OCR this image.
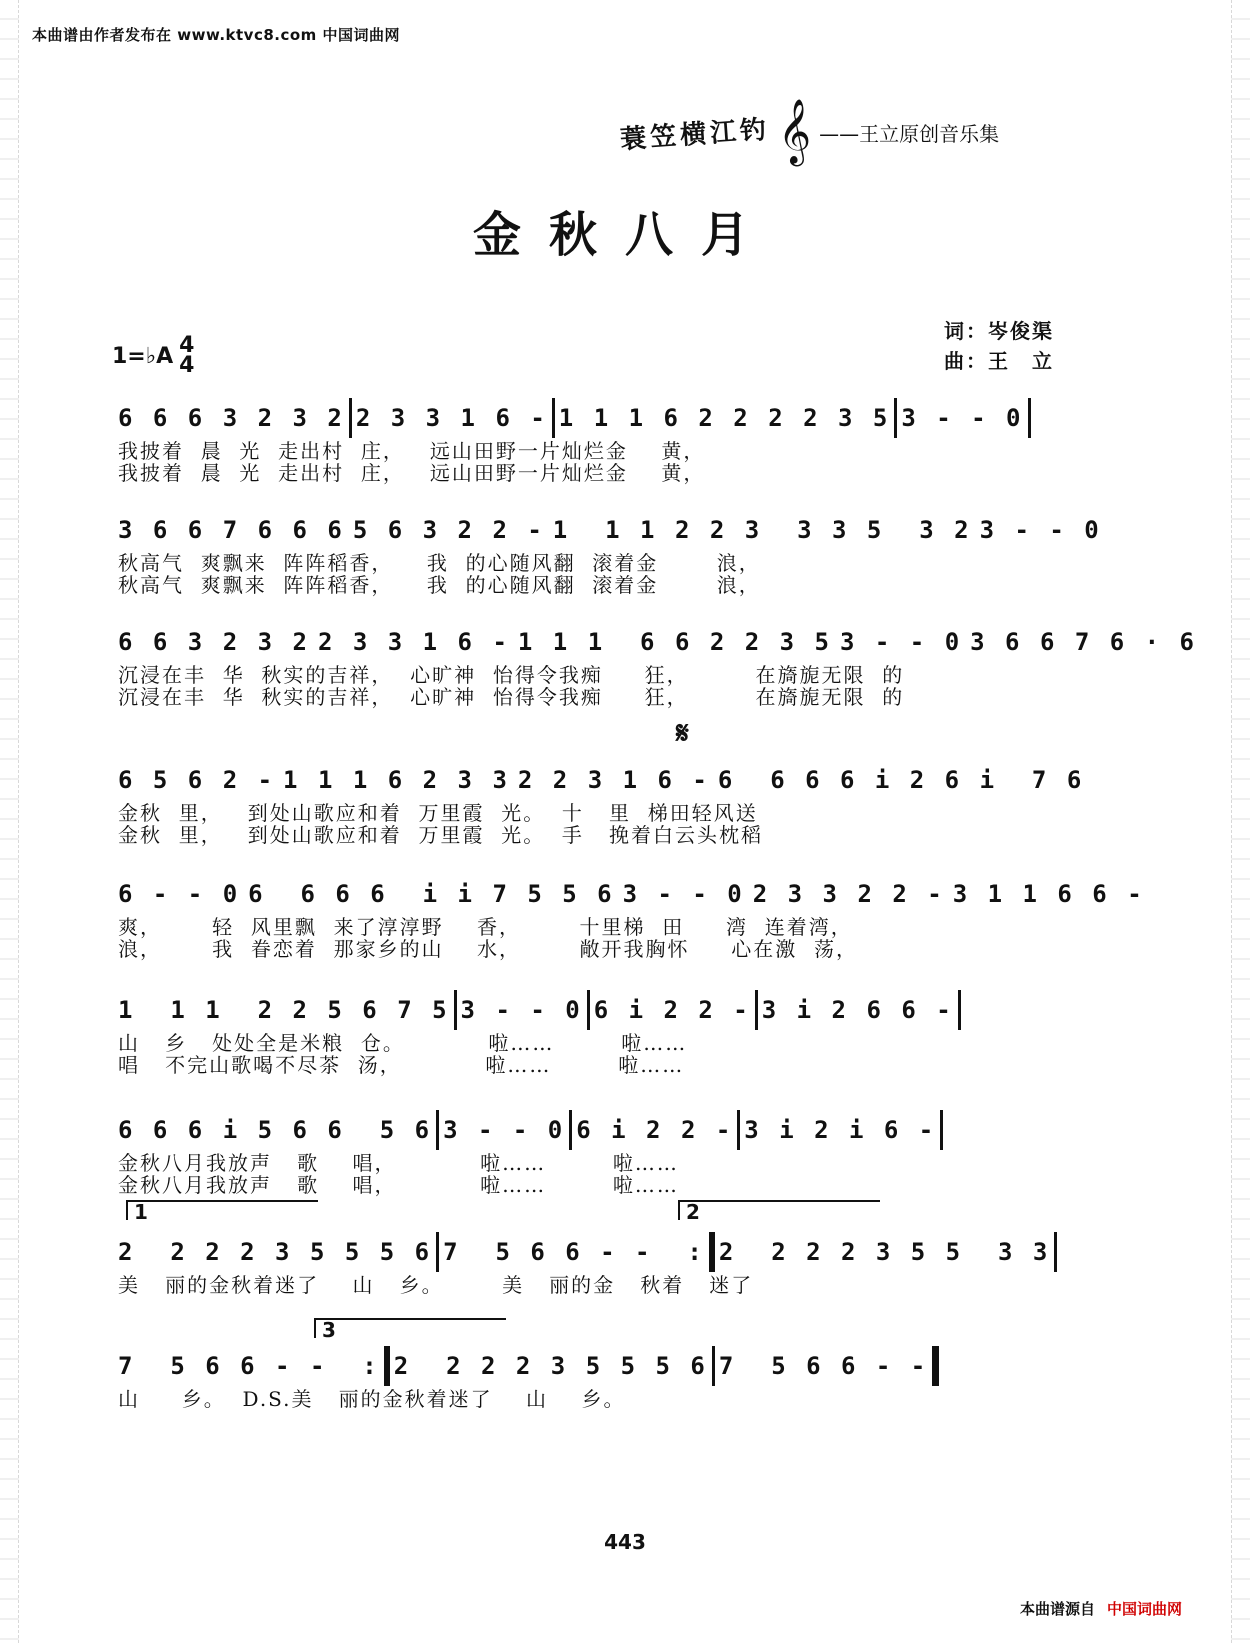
本曲谱由作者发布在 www.ktvc8.com 中国词曲网
蓑笠横江钓 𝄞 ——王立原创音乐集
金秋八月
词：岑俊渠
曲：王　立
1=♭A 4
4
6 6 6 3 2 3 2 2 3 3 1 6 - 1 1 1 6 2 2 2 2 3 5 3 - - 0
我披着  晨  光  走出村  庄，   远山田野一片灿烂金    黄，
我披着  晨  光  走出村  庄，   远山田野一片灿烂金    黄，
3 6 6 7 6 6 6 5 6 3 2 2 - 1  1 1 2 2 3  3 3 5  3 2 3 - - 0
秋高气  爽飘来  阵阵稻香，    我  的心随风翻  滚着金       浪，
秋高气  爽飘来  阵阵稻香，    我  的心随风翻  滚着金       浪，
6 6 3 2 3 2 2 3 3 1 6 - 1 1 1  6 6 2 2 3 5 3 - - 0 3 6 6 7 6 · 6
沉浸在丰  华  秋实的吉祥，  心旷神  怡得令我痴     狂，        在旖旎无限  的
沉浸在丰  华  秋实的吉祥，  心旷神  怡得令我痴     狂，        在旖旎无限  的
𝄋
6 5 6 2 - 1 1 1 6 2 3 3 2 2 3 1 6 - 6  6 6 6 i 2 6 i  7 6
金秋  里，   到处山歌应和着  万里霞  光。  十   里  梯田轻风送
金秋  里，   到处山歌应和着  万里霞  光。  手   挽着白云头枕稻
6 - - 0 6  6 6 6  i i 7 5 5 6 3 - - 0 2 3 3 2 2 - 3 1 1 6 6 -
爽，      轻  风里飘  来了淳淳野    香，       十里梯  田     湾  连着湾，
浪，      我  眷恋着  那家乡的山    水，       敞开我胸怀     心在激  荡，
1  1 1  2 2 5 6 7 5 3 - - 0 6 i 2 2 - 3 i 2 6 6 -
山   乡   处处全是米粮  仓。          啦……        啦……
唱   不完山歌喝不尽茶  汤，          啦……        啦……
6 6 6 i 5 6 6  5 6 3 - - 0 6 i 2 2 - 3 i 2 i 6 -
金秋八月我放声   歌    唱，          啦……        啦……
金秋八月我放声   歌    唱，          啦……        啦……
1	2
2  2 2 2 3 5 5 5 6 7  5 6 6 - -  : 2  2 2 2 3 5 5  3 3
美   丽的金秋着迷了    山   乡。       美   丽的金   秋着   迷了
3
7  5 6 6 - -  : 2  2 2 2 3 5 5 5 6 7  5 6 6 - -
山     乡。  D.S.美   丽的金秋着迷了    山    乡。
443
本曲谱源自 中国词曲网
